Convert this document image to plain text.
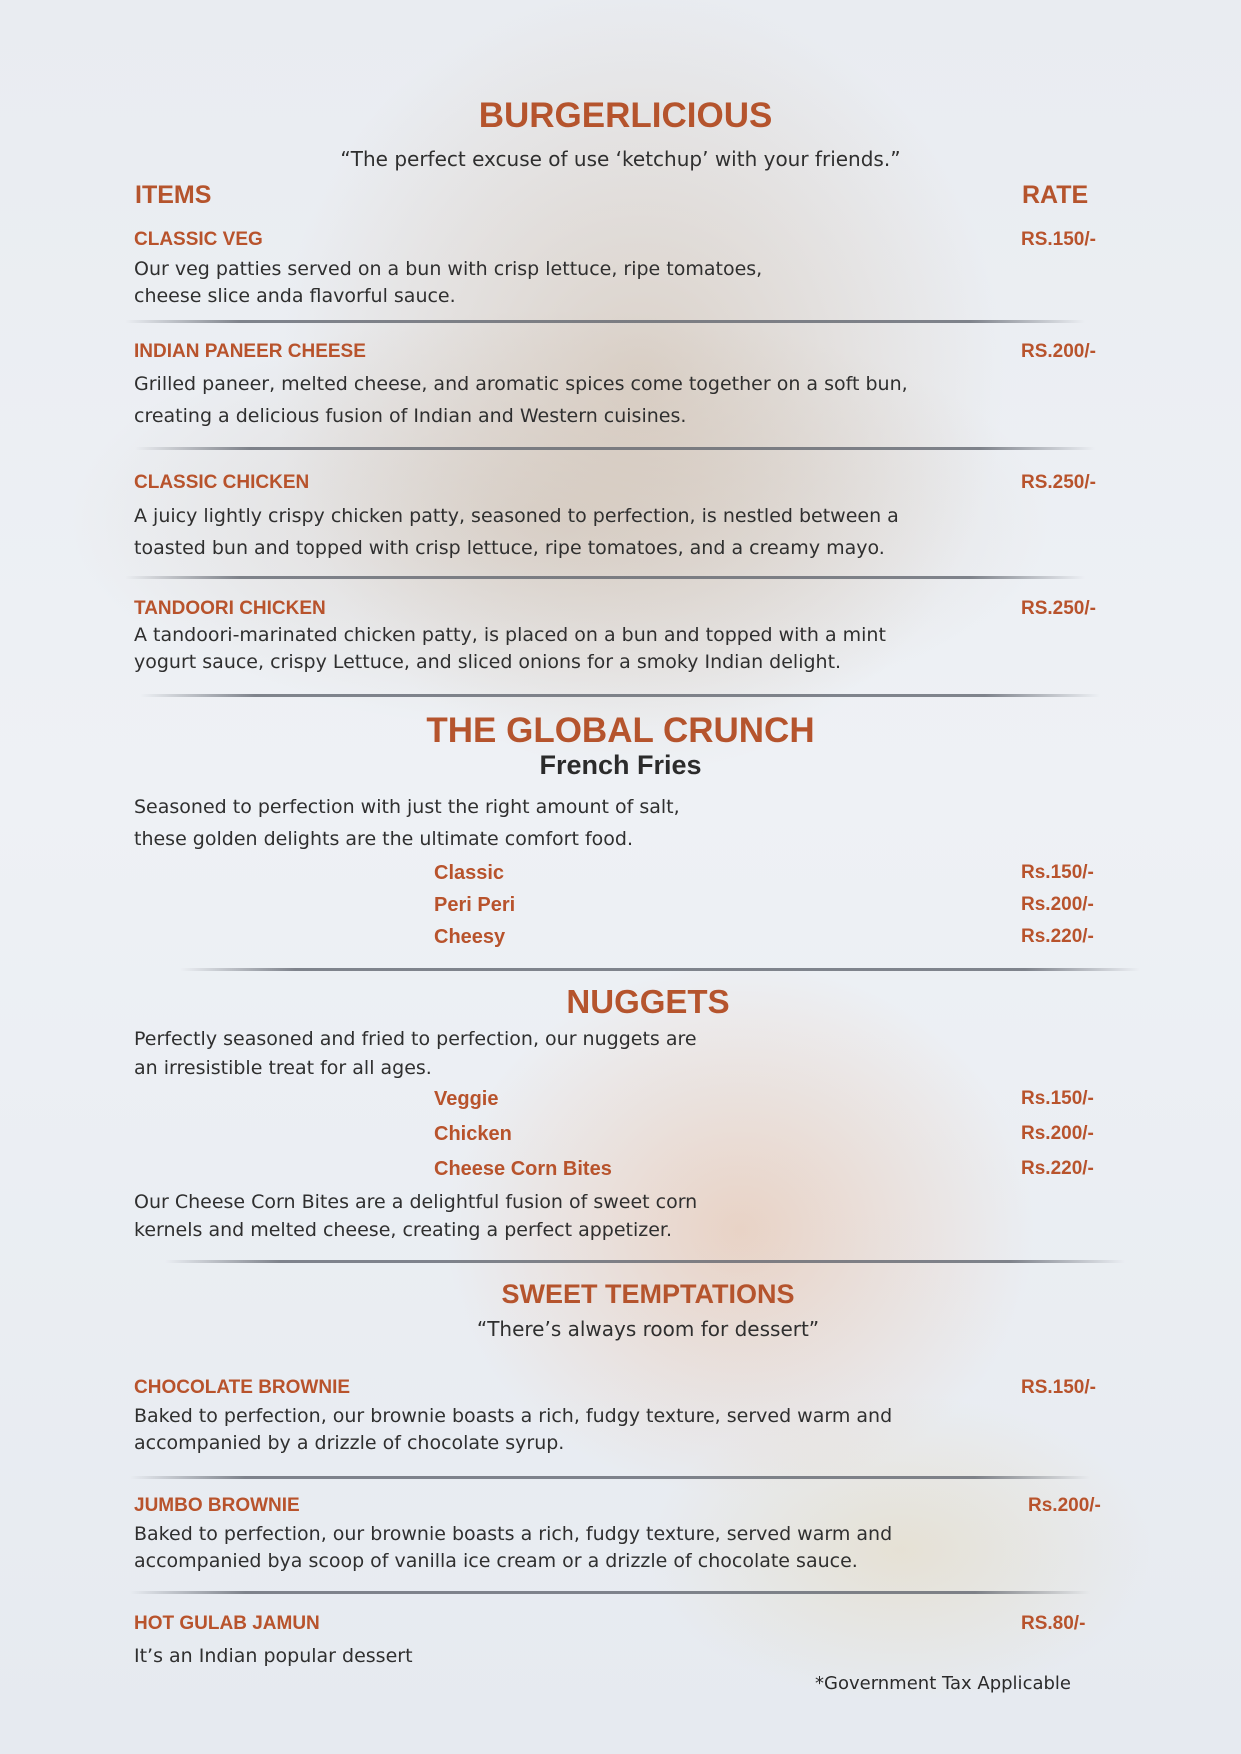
BURGERLICIOUS
“The perfect excuse of use ‘ketchup’ with your friends.”
ITEMS	RATE
CLASSIC VEG	RS.150/-
Our veg patties served on a bun with crisp lettuce, ripe tomatoes,
cheese slice anda flavorful sauce.
INDIAN PANEER CHEESE	RS.200/-
Grilled paneer, melted cheese, and aromatic spices come together on a soft bun,
creating a delicious fusion of Indian and Western cuisines.
CLASSIC CHICKEN	RS.250/-
A juicy lightly crispy chicken patty, seasoned to perfection, is nestled between a
toasted bun and topped with crisp lettuce, ripe tomatoes, and a creamy mayo.
TANDOORI CHICKEN	RS.250/-
A tandoori-marinated chicken patty, is placed on a bun and topped with a mint
yogurt sauce, crispy Lettuce, and sliced onions for a smoky Indian delight.
THE GLOBAL CRUNCH
French Fries
Seasoned to perfection with just the right amount of salt,
these golden delights are the ultimate comfort food.
Classic	Rs.150/-
Peri Peri	Rs.200/-
Cheesy	Rs.220/-
NUGGETS
Perfectly seasoned and fried to perfection, our nuggets are
an irresistible treat for all ages.
Veggie	Rs.150/-
Chicken	Rs.200/-
Cheese Corn Bites	Rs.220/-
Our Cheese Corn Bites are a delightful fusion of sweet corn
kernels and melted cheese, creating a perfect appetizer.
SWEET TEMPTATIONS
“There’s always room for dessert”
CHOCOLATE BROWNIE	RS.150/-
Baked to perfection, our brownie boasts a rich, fudgy texture, served warm and
accompanied by a drizzle of chocolate syrup.
JUMBO BROWNIE	Rs.200/-
Baked to perfection, our brownie boasts a rich, fudgy texture, served warm and
accompanied bya scoop of vanilla ice cream or a drizzle of chocolate sauce.
HOT GULAB JAMUN	RS.80/-
It’s an Indian popular dessert
*Government Tax Applicable
